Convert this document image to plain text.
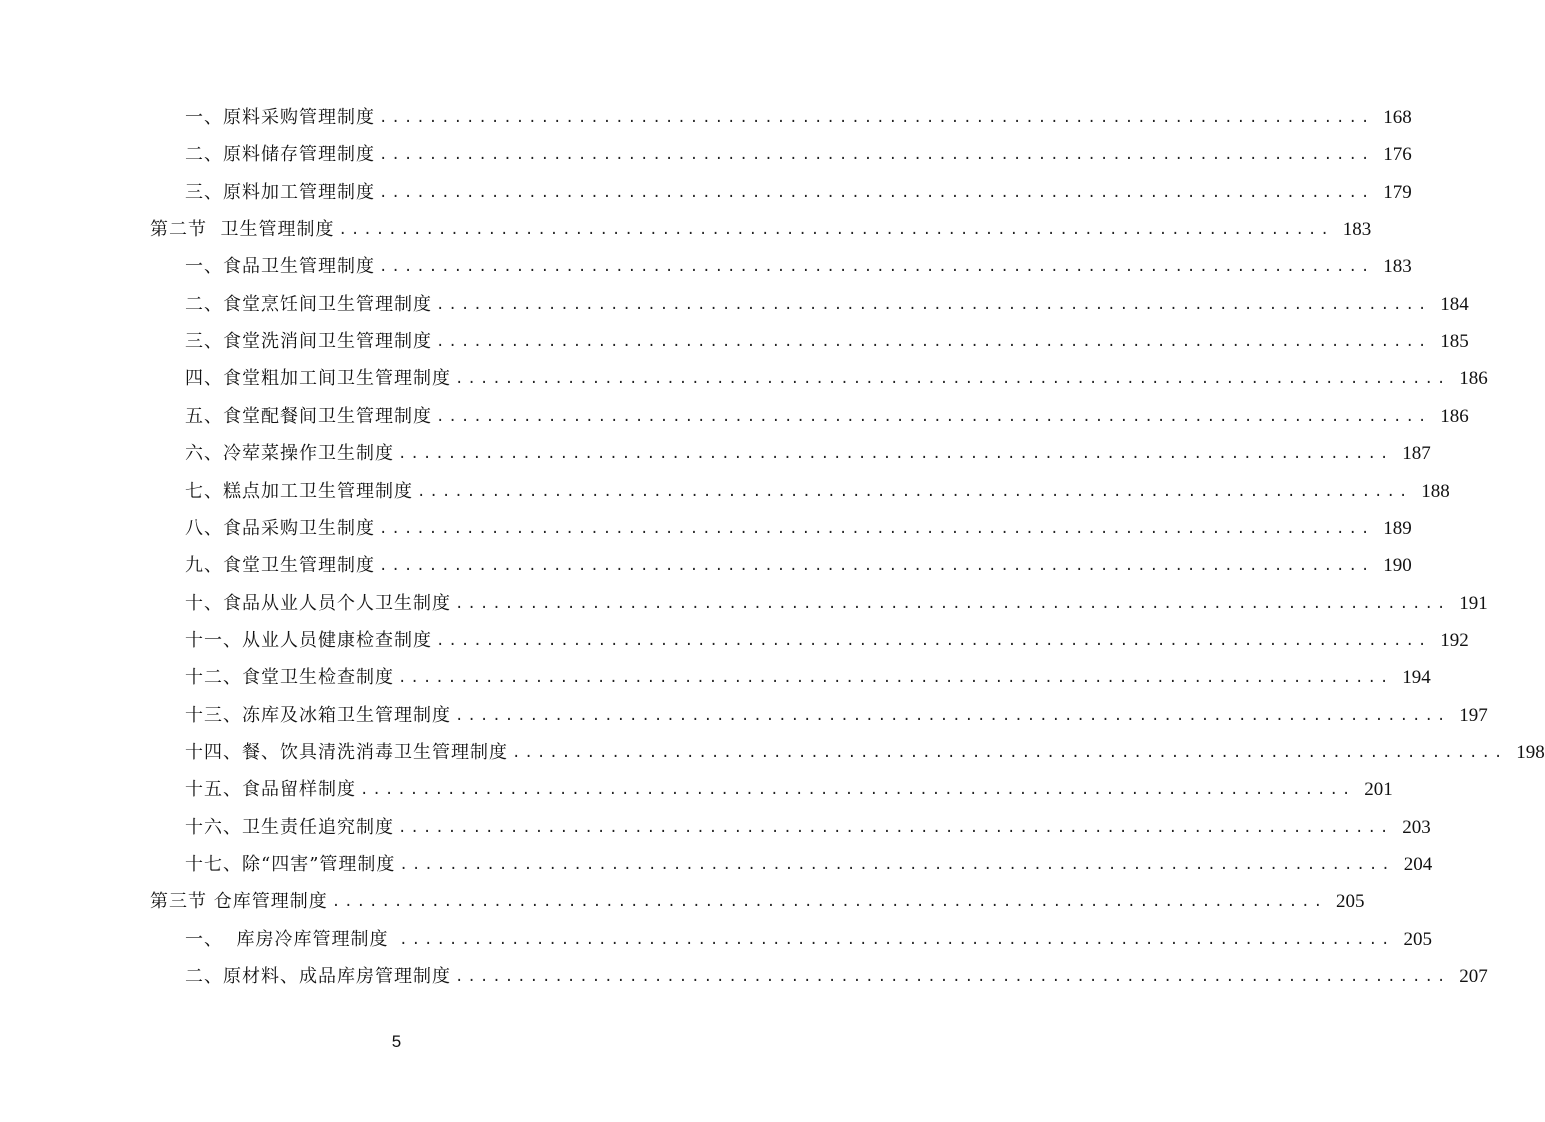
一、原料采购管理制度 ................................................................................ 168
二、原料储存管理制度 ................................................................................ 176
三、原料加工管理制度 ................................................................................ 179
第二节  卫生管理制度 ................................................................................ 183
一、食品卫生管理制度 ................................................................................ 183
二、食堂烹饪间卫生管理制度 ................................................................................ 184
三、食堂洗消间卫生管理制度 ................................................................................ 185
四、食堂粗加工间卫生管理制度 ................................................................................ 186
五、食堂配餐间卫生管理制度 ................................................................................ 186
六、冷荤菜操作卫生制度 ................................................................................ 187
七、糕点加工卫生管理制度 ................................................................................ 188
八、食品采购卫生制度 ................................................................................ 189
九、食堂卫生管理制度 ................................................................................ 190
十、食品从业人员个人卫生制度 ................................................................................ 191
十一、从业人员健康检查制度 ................................................................................ 192
十二、食堂卫生检查制度 ................................................................................ 194
十三、冻库及冰箱卫生管理制度 ................................................................................ 197
十四、餐、饮具清洗消毒卫生管理制度 ................................................................................ 198
十五、食品留样制度 ................................................................................ 201
十六、卫生责任追究制度 ................................................................................ 203
十七、除“四害”管理制度 ................................................................................ 204
第三节 仓库管理制度 ................................................................................ 205
一、  库房冷库管理制度 ................................................................................ 205
二、原材料、成品库房管理制度 ................................................................................ 207
5
